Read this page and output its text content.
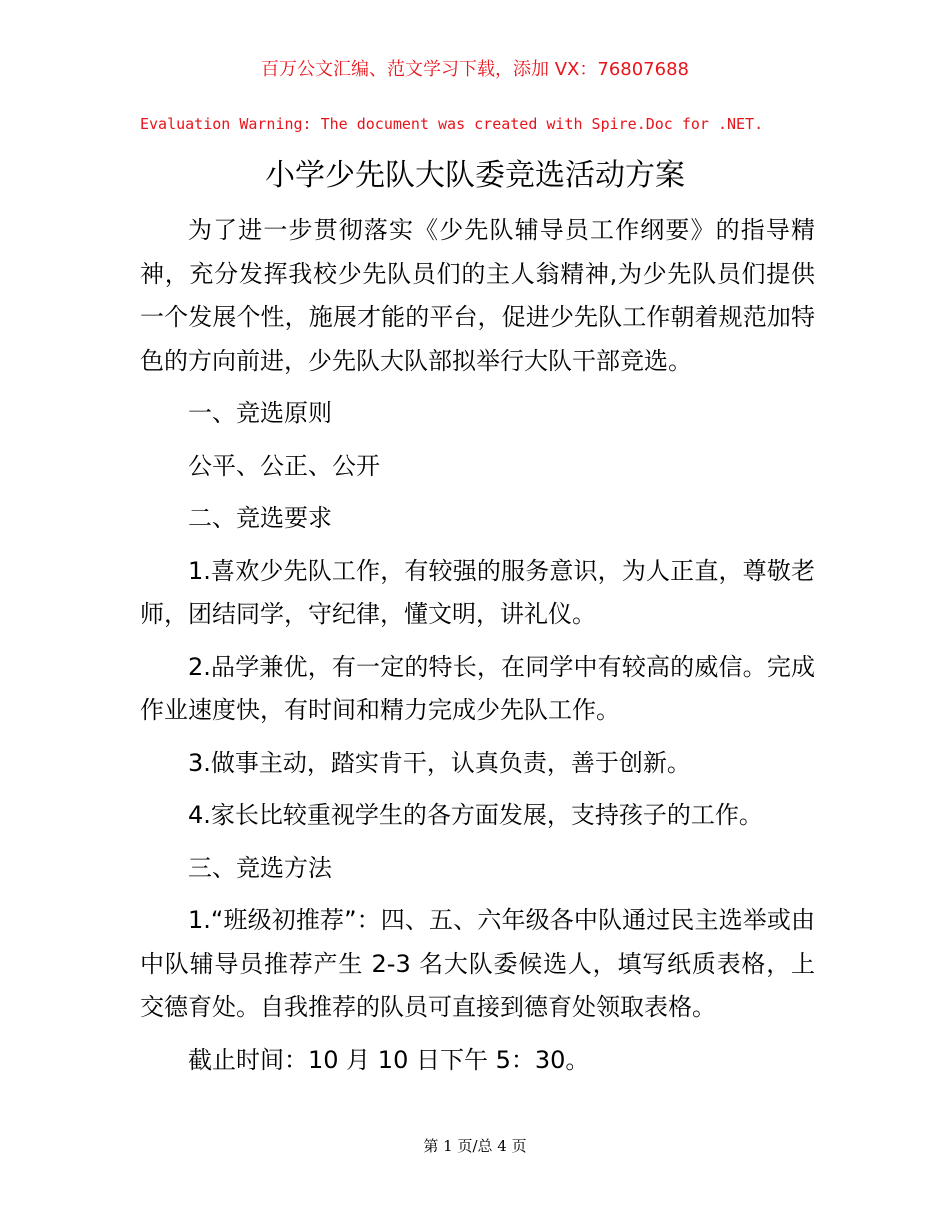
百万公文汇编、范文学习下载，添加 VX：76807688
Evaluation Warning: The document was created with Spire.Doc for .NET.
小学少先队大队委竞选活动方案

为了进一步贯彻落实《少先队辅导员工作纲要》的指导精神，充分发挥我校少先队员们的主人翁精神,为少先队员们提供一个发展个性，施展才能的平台，促进少先队工作朝着规范加特色的方向前进，少先队大队部拟举行大队干部竞选。

一、竞选原则

公平、公正、公开

二、竞选要求

1.喜欢少先队工作，有较强的服务意识，为人正直，尊敬老师，团结同学，守纪律，懂文明，讲礼仪。

2.品学兼优，有一定的特长，在同学中有较高的威信。完成作业速度快，有时间和精力完成少先队工作。

3.做事主动，踏实肯干，认真负责，善于创新。

4.家长比较重视学生的各方面发展，支持孩子的工作。

三、竞选方法

1.“班级初推荐”：四、五、六年级各中队通过民主选举或由中队辅导员推荐产生 2-3 名大队委候选人，填写纸质表格，上交德育处。自我推荐的队员可直接到德育处领取表格。

截止时间：10 月 10 日下午 5：30。

第 1 页/总 4 页
